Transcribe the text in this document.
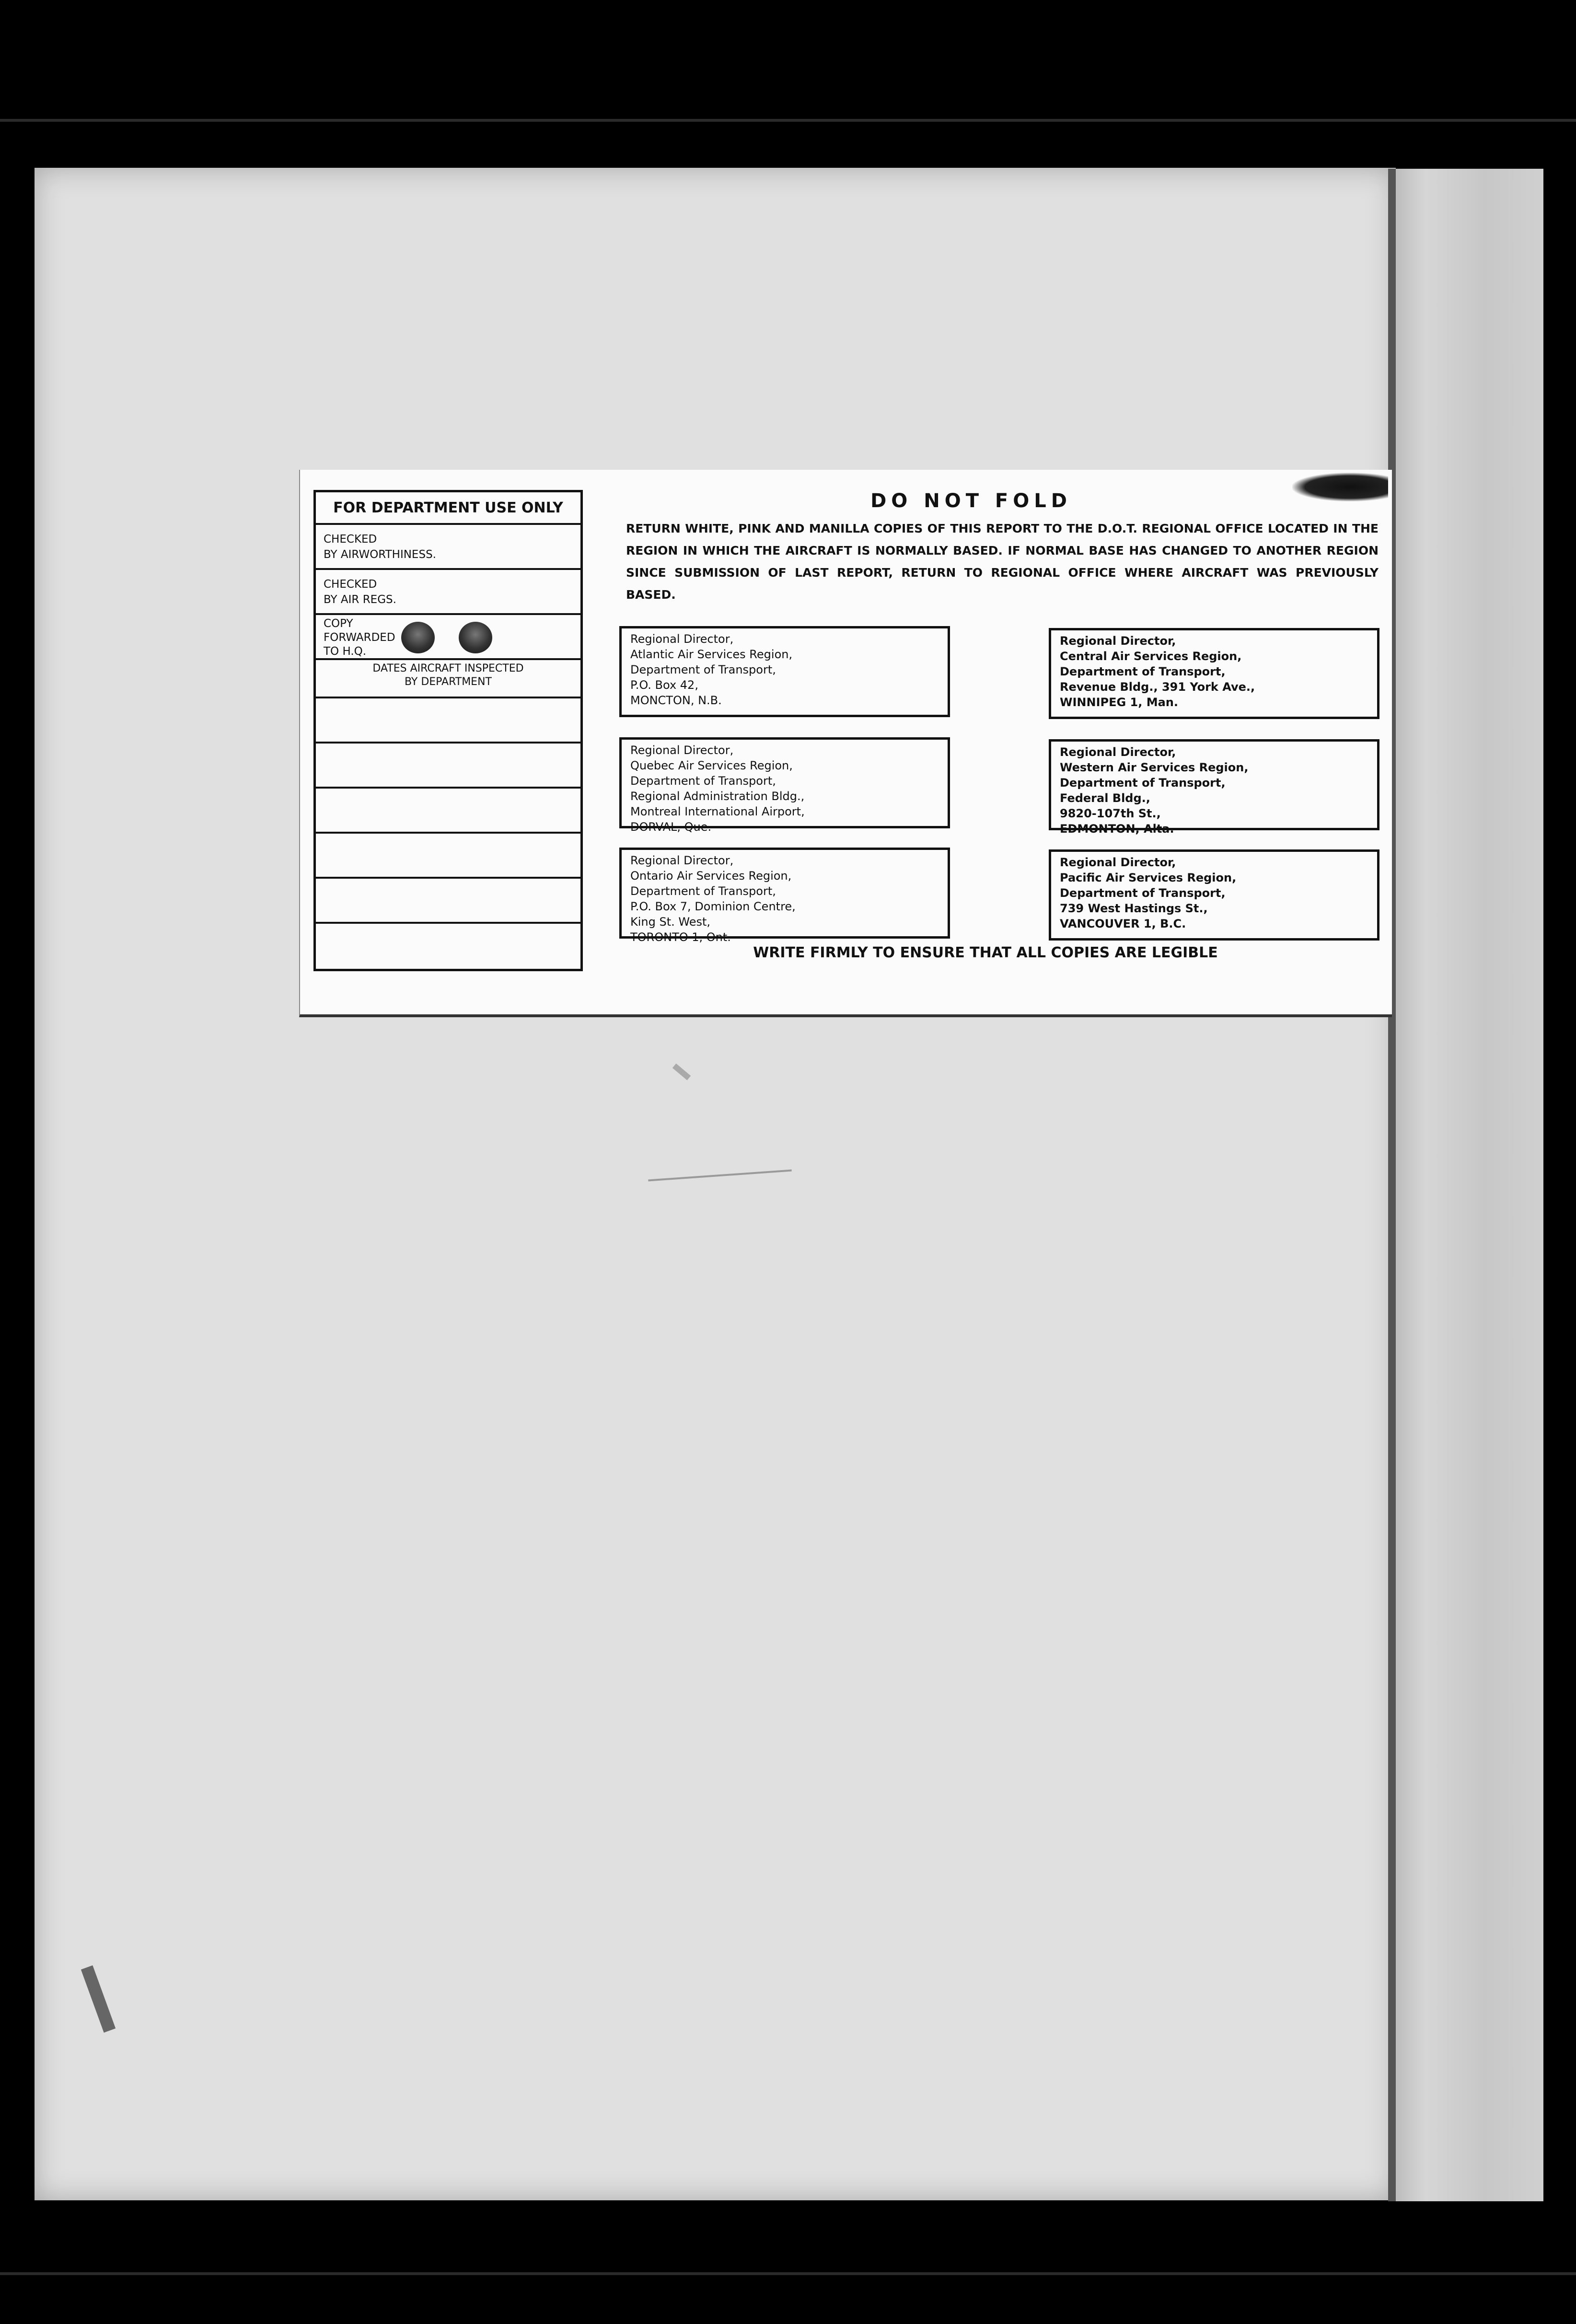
FOR DEPARTMENT USE ONLY
CHECKED
BY AIRWORTHINESS.
CHECKED
BY AIR REGS.
COPY
FORWARDED
TO H.Q.
DATES AIRCRAFT INSPECTED
BY DEPARTMENT
DO NOT FOLD
RETURN WHITE, PINK AND MANILLA COPIES OF THIS REPORT TO THE D.O.T. REGIONAL OFFICE LOCATED IN THE REGION IN WHICH THE AIRCRAFT IS NORMALLY BASED. IF NORMAL BASE HAS CHANGED TO ANOTHER REGION SINCE SUBMISSION OF LAST REPORT, RETURN TO REGIONAL OFFICE WHERE AIRCRAFT WAS PREVIOUSLY BASED.
Regional Director,
Atlantic Air Services Region,
Department of Transport,
P.O. Box 42,
MONCTON, N.B.
Regional Director,
Central Air Services Region,
Department of Transport,
Revenue Bldg., 391 York Ave.,
WINNIPEG 1, Man.
Regional Director,
Quebec Air Services Region,
Department of Transport,
Regional Administration Bldg.,
Montreal International Airport,
DORVAL, Que.
Regional Director,
Western Air Services Region,
Department of Transport,
Federal Bldg.,
9820-107th St.,
EDMONTON, Alta.
Regional Director,
Ontario Air Services Region,
Department of Transport,
P.O. Box 7, Dominion Centre,
King St. West,
TORONTO 1, Ont.
Regional Director,
Pacific Air Services Region,
Department of Transport,
739 West Hastings St.,
VANCOUVER 1, B.C.
WRITE FIRMLY TO ENSURE THAT ALL COPIES ARE LEGIBLE
